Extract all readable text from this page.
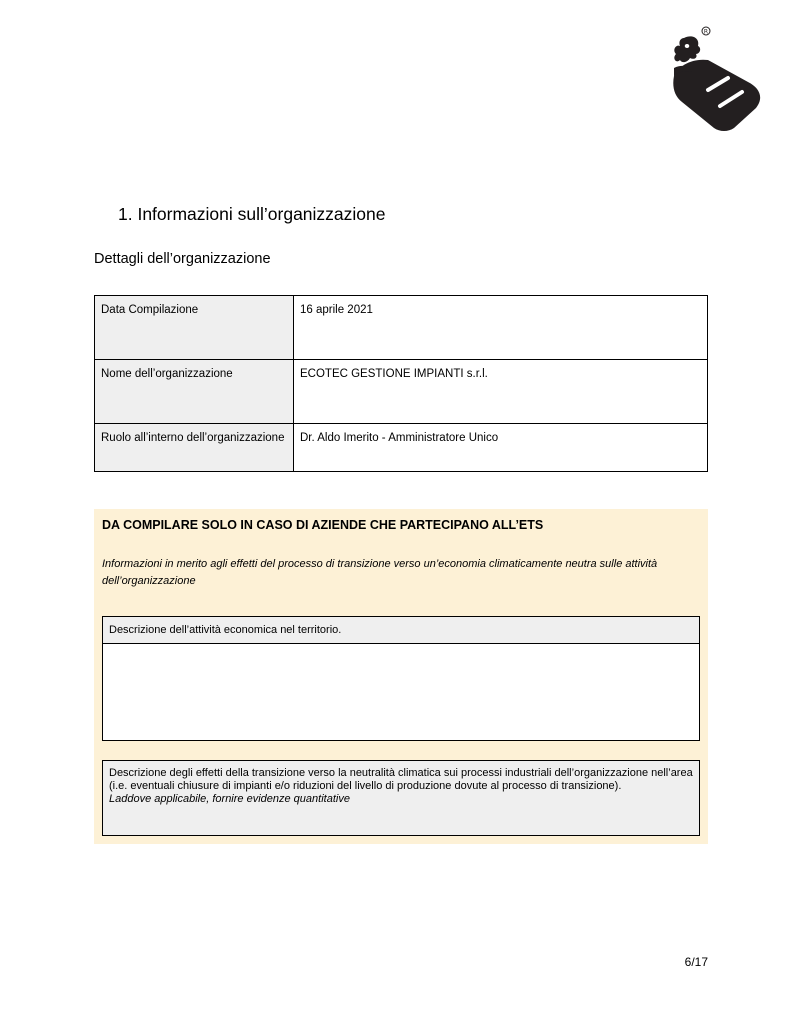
R
1. Informazioni sull’organizzazione
Dettagli dell’organizzazione
Data Compilazione	16 aprile 2021
Nome dell’organizzazione	ECOTEC GESTIONE IMPIANTI s.r.l.
Ruolo all’interno dell’organizzazione	Dr. Aldo Imerito - Amministratore Unico
DA COMPILARE SOLO IN CASO DI AZIENDE CHE PARTECIPANO ALL’ETS
Informazioni in merito agli effetti del processo di transizione verso un’economia climaticamente neutra sulle attività dell’organizzazione
Descrizione dell’attività economica nel territorio.
Descrizione degli effetti della transizione verso la neutralità climatica sui processi industriali dell’organizzazione nell’area (i.e. eventuali chiusure di impianti e/o riduzioni del livello di produzione dovute al processo di transizione).
Laddove applicabile, fornire evidenze quantitative
6/17
